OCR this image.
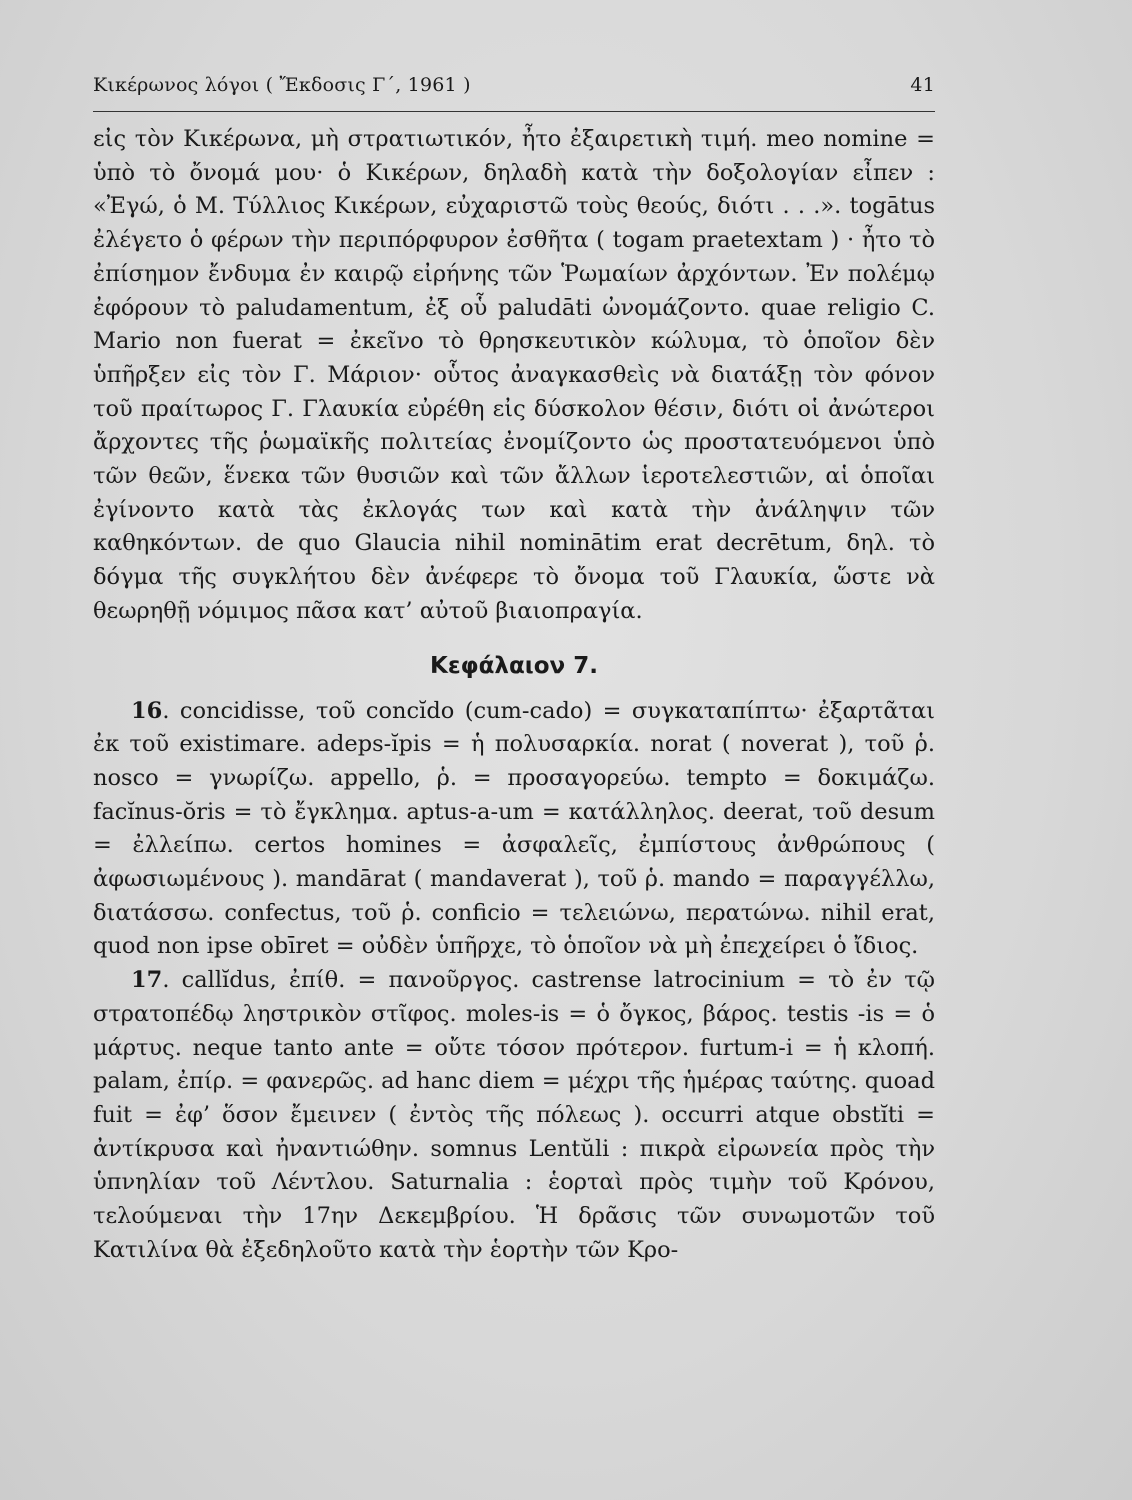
Κικέρωνος λόγοι ( Ἔκδοσις Γ΄, 1961 )	41

εἰς τὸν Κικέρωνα, μὴ στρατιωτικόν, ἦτο ἐξαιρετικὴ τιμή. meo nomine = ὑπὸ τὸ ὄνομά μου· ὁ Κικέρων, δηλαδὴ κατὰ τὴν δοξολογίαν εἶπεν : «Ἐγώ, ὁ Μ. Τύλλιος Κικέρων, εὐχαριστῶ τοὺς θεούς, διότι . . .». togātus ἐλέγετο ὁ φέρων τὴν περιπόρφυρον ἐσθῆτα ( togam praetextam ) · ἦτο τὸ ἐπίσημον ἔνδυμα ἐν καιρῷ εἰρήνης τῶν Ῥωμαίων ἀρχόντων. Ἐν πολέμῳ ἐφόρουν τὸ paludamentum, ἐξ οὗ paludāti ὠνομάζοντο. quae religio C. Mario non fuerat = ἐκεῖνο τὸ θρησκευτικὸν κώλυμα, τὸ ὁποῖον δὲν ὑπῆρξεν εἰς τὸν Γ. Μάριον· οὗτος ἀναγκασθεὶς νὰ διατάξῃ τὸν φόνον τοῦ πραίτωρος Γ. Γλαυκία εὐρέθη εἰς δύσκολον θέσιν, διότι οἱ ἀνώτεροι ἄρχοντες τῆς ῥωμαϊκῆς πολιτείας ἐνομίζοντο ὡς προστατευόμενοι ὑπὸ τῶν θεῶν, ἕνεκα τῶν θυσιῶν καὶ τῶν ἄλλων ἱεροτελεστιῶν, αἱ ὁποῖαι ἐγίνοντο κατὰ τὰς ἐκλογάς των καὶ κατὰ τὴν ἀνάληψιν τῶν καθηκόντων. de quo Glaucia nihil nominātim erat decrētum, δηλ. τὸ δόγμα τῆς συγκλήτου δὲν ἀνέφερε τὸ ὄνομα τοῦ Γλαυκία, ὥστε νὰ θεωρηθῇ νόμιμος πᾶσα κατ’ αὐτοῦ βιαιοπραγία.

Κεφάλαιον 7.

16. concidisse, τοῦ concĭdo (cum-cado) = συγκαταπίπτω· ἐξαρτᾶται ἐκ τοῦ existimare. adeps-ĭpis = ἡ πολυσαρκία. norat ( noverat ), τοῦ ῥ. nosco = γνωρίζω. appello, ῥ. = προσαγορεύω. tempto = δοκιμάζω. facĭnus-ŏris = τὸ ἔγκλημα. aptus-a-um = κατάλληλος. deerat, τοῦ desum = ἐλλείπω. certos homines = ἀσφαλεῖς, ἐμπίστους ἀνθρώπους ( ἀφωσιωμένους ). mandārat ( mandaverat ), τοῦ ῥ. mando = παραγγέλλω, διατάσσω. confectus, τοῦ ῥ. conficio = τελειώνω, περατώνω. nihil erat, quod non ipse obīret = οὐδὲν ὑπῆρχε, τὸ ὁποῖον νὰ μὴ ἐπεχείρει ὁ ἴδιος.

17. callĭdus, ἐπίθ. = πανοῦργος. castrense latrocinium = τὸ ἐν τῷ στρατοπέδῳ ληστρικὸν στῖφος. moles-is = ὁ ὄγκος, βάρος. testis -is = ὁ μάρτυς. neque tanto ante = οὔτε τόσον πρότερον. furtum-i = ἡ κλοπή. palam, ἐπίρ. = φανερῶς. ad hanc diem = μέχρι τῆς ἡμέρας ταύτης. quoad fuit = ἐφ’ ὅσον ἔμεινεν ( ἐντὸς τῆς πόλεως ). occurri atque obstĭti = ἀντίκρυσα καὶ ἠναντιώθην. somnus Lentŭli : πικρὰ εἰρωνεία πρὸς τὴν ὑπνηλίαν τοῦ Λέντλου. Saturnalia : ἑορταὶ πρὸς τιμὴν τοῦ Κρόνου, τελούμεναι τὴν 17ην Δεκεμβρίου. Ἡ δρᾶσις τῶν συνωμοτῶν τοῦ Κατιλίνα θὰ ἐξεδηλοῦτο κατὰ τὴν ἑορτὴν τῶν Κρο-
